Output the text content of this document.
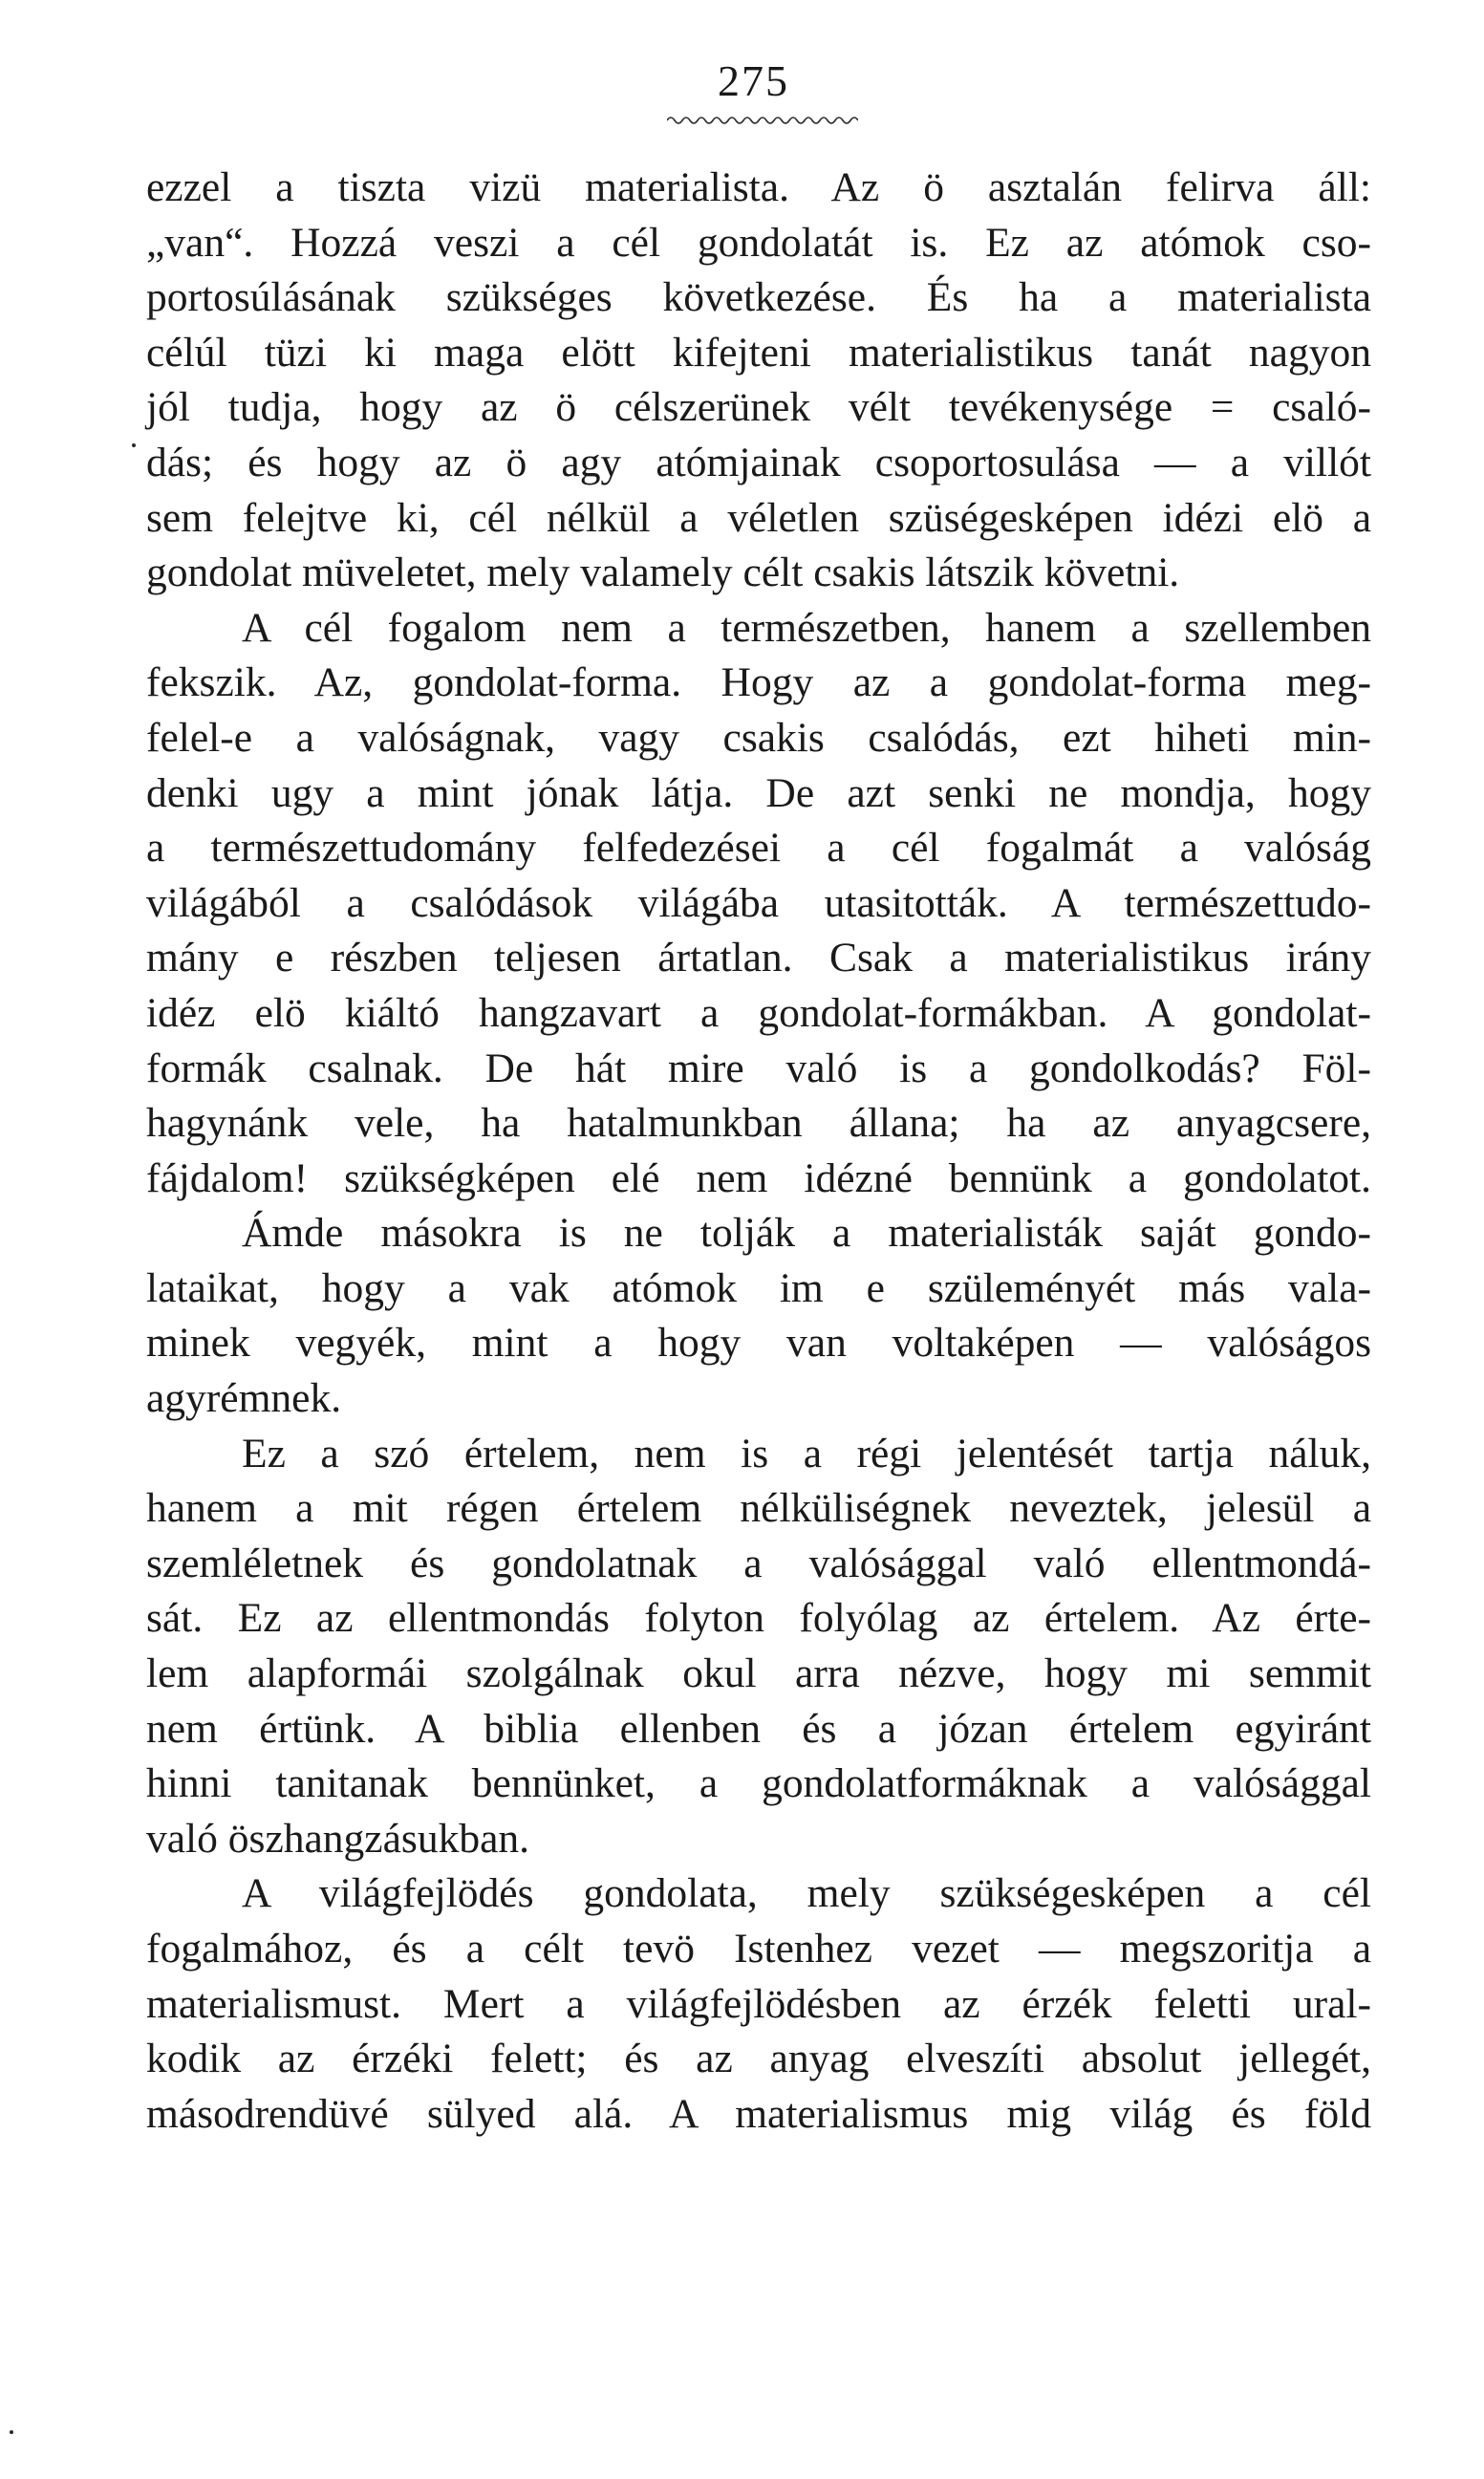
275
ezzel a tiszta vizü materialista. Az ö asztalán felirva áll:
„van“. Hozzá veszi a cél gondolatát is. Ez az atómok cso-
portosúlásának szükséges következése. És ha a materialista
célúl tüzi ki maga elött kifejteni materialistikus tanát nagyon
jól tudja, hogy az ö célszerünek vélt tevékenysége = csaló-
dás; és hogy az ö agy atómjainak csoportosulása — a villót
sem felejtve ki, cél nélkül a véletlen szüségesképen idézi elö a
gondolat müveletet, mely valamely célt csakis látszik követni.
A cél fogalom nem a természetben, hanem a szellemben
fekszik. Az, gondolat-forma. Hogy az a gondolat-forma meg-
felel-e a valóságnak, vagy csakis csalódás, ezt hiheti min-
denki ugy a mint jónak látja. De azt senki ne mondja, hogy
a természettudomány felfedezései a cél fogalmát a valóság
világából a csalódások világába utasitották. A természettudo-
mány e részben teljesen ártatlan. Csak a materialistikus irány
idéz elö kiáltó hangzavart a gondolat-formákban. A gondolat-
formák csalnak. De hát mire való is a gondolkodás? Föl-
hagynánk vele, ha hatalmunkban állana; ha az anyagcsere,
fájdalom! szükségképen elé nem idézné bennünk a gondolatot.
Ámde másokra is ne tolják a materialisták saját gondo-
lataikat, hogy a vak atómok im e szüleményét más vala-
minek vegyék, mint a hogy van voltaképen — valóságos
agyrémnek.
Ez a szó értelem, nem is a régi jelentését tartja náluk,
hanem a mit régen értelem nélküliségnek neveztek, jelesül a
szemléletnek és gondolatnak a valósággal való ellentmondá-
sát. Ez az ellentmondás folyton folyólag az értelem. Az érte-
lem alapformái szolgálnak okul arra nézve, hogy mi semmit
nem értünk. A biblia ellenben és a józan értelem egyiránt
hinni tanitanak bennünket, a gondolatformáknak a valósággal
való öszhangzásukban.
A világfejlödés gondolata, mely szükségesképen a cél
fogalmához, és a célt tevö Istenhez vezet — megszoritja a
materialismust. Mert a világfejlödésben az érzék feletti ural-
kodik az érzéki felett; és az anyag elveszíti absolut jellegét,
másodrendüvé sülyed alá. A materialismus mig világ és föld
